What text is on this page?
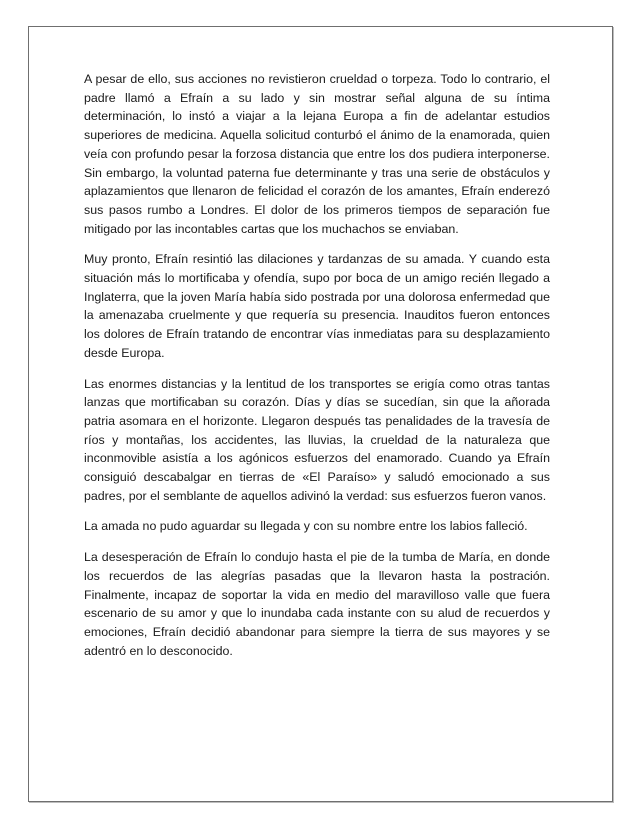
A pesar de ello, sus acciones no revistieron crueldad o torpeza. Todo lo contrario, el padre llamó a Efraín a su lado y sin mostrar señal alguna de su íntima determinación, lo instó a viajar a la lejana Europa a fin de adelantar estudios superiores de medicina. Aquella solicitud conturbó el ánimo de la enamorada, quien veía con profundo pesar la forzosa distancia que entre los dos pudiera interponerse. Sin embargo, la voluntad paterna fue determinante y tras una serie de obstáculos y aplazamientos que llenaron de felicidad el corazón de los amantes, Efraín enderezó sus pasos rumbo a Londres. El dolor de los primeros tiempos de separación fue mitigado por las incontables cartas que los muchachos se enviaban.

Muy pronto, Efraín resintió las dilaciones y tardanzas de su amada. Y cuando esta situación más lo mortificaba y ofendía, supo por boca de un amigo recién llegado a Inglaterra, que la joven María había sido postrada por una dolorosa enfermedad que la amenazaba cruelmente y que requería su presencia. Inauditos fueron entonces los dolores de Efraín tratando de encontrar vías inmediatas para su desplazamiento desde Europa.

Las enormes distancias y la lentitud de los transportes se erigía como otras tantas lanzas que mortificaban su corazón. Días y días se sucedían, sin que la añorada patria asomara en el horizonte. Llegaron después tas penalidades de la travesía de ríos y montañas, los accidentes, las lluvias, la crueldad de la naturaleza que inconmovible asistía a los agónicos esfuerzos del enamorado. Cuando ya Efraín consiguió descabalgar en tierras de «El Paraíso» y saludó emocionado a sus padres, por el semblante de aquellos adivinó la verdad: sus esfuerzos fueron vanos.

La amada no pudo aguardar su llegada y con su nombre entre los labios falleció.

La desesperación de Efraín lo condujo hasta el pie de la tumba de María, en donde los recuerdos de las alegrías pasadas que la llevaron hasta la postración. Finalmente, incapaz de soportar la vida en medio del maravilloso valle que fuera escenario de su amor y que lo inundaba cada instante con su alud de recuerdos y emociones, Efraín decidió abandonar para siempre la tierra de sus mayores y se adentró en lo desconocido.
